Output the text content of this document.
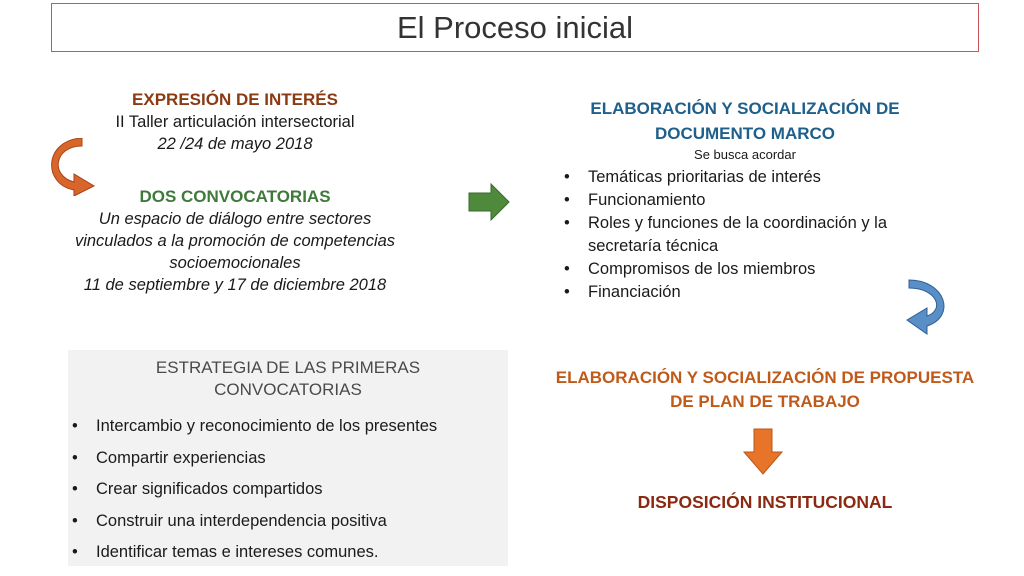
El Proceso inicial
EXPRESIÓN DE INTERÉS
II Taller articulación intersectorial
22 /24 de mayo 2018
DOS CONVOCATORIAS
Un espacio de diálogo entre sectores
vinculados a la promoción de competencias
socioemocionales
11 de septiembre y 17 de diciembre 2018
ELABORACIÓN Y SOCIALIZACIÓN DE
DOCUMENTO MARCO
Se busca acordar
• Temáticas prioritarias de interés
• Funcionamiento
• Roles y funciones de la coordinación y la secretaría técnica
• Compromisos de los miembros
• Financiación
ESTRATEGIA DE LAS PRIMERAS
CONVOCATORIAS
• Intercambio y reconocimiento de los presentes
• Compartir experiencias
• Crear significados compartidos
• Construir una interdependencia positiva
• Identificar temas e intereses comunes.
ELABORACIÓN Y SOCIALIZACIÓN DE PROPUESTA
DE PLAN DE TRABAJO
DISPOSICIÓN INSTITUCIONAL
